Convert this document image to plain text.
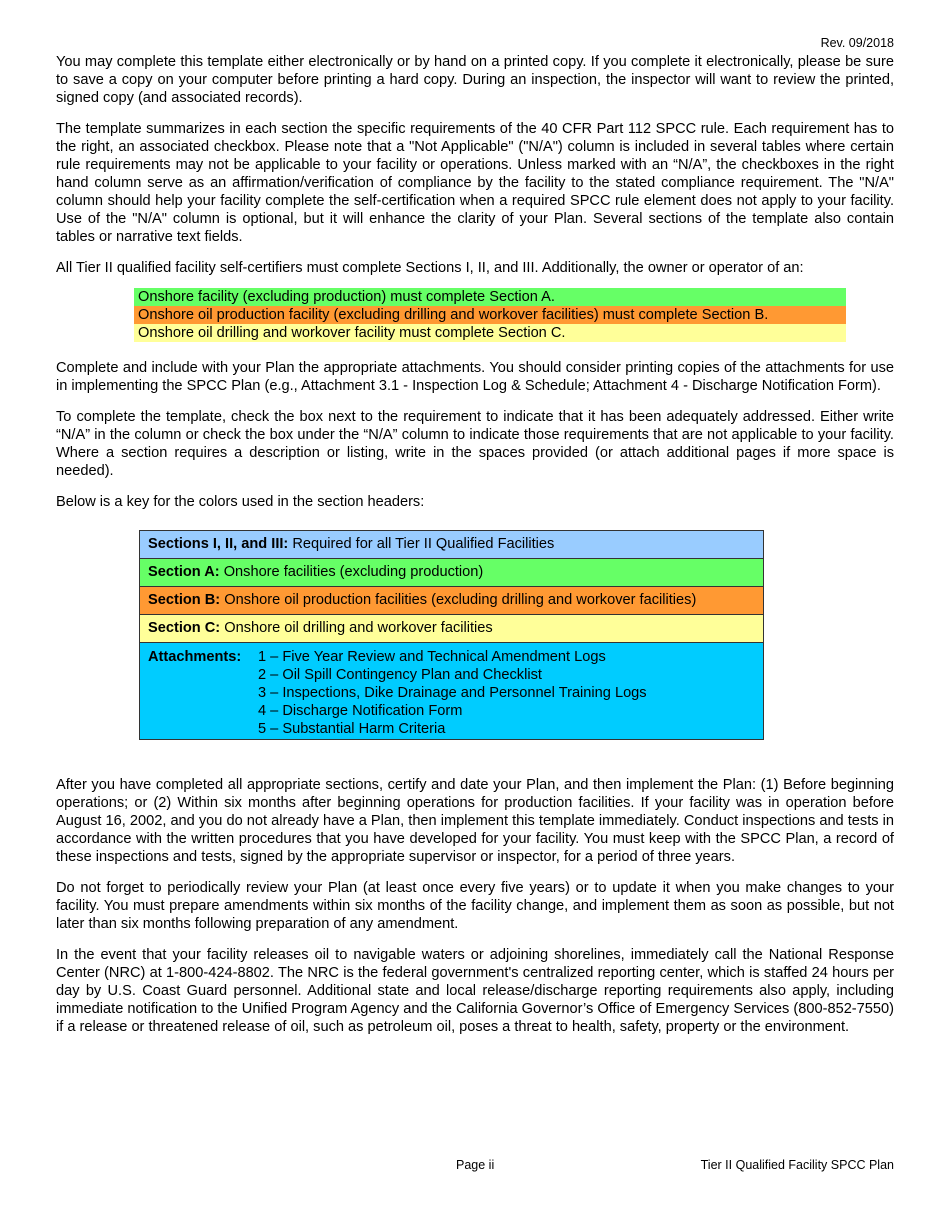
Rev. 09/2018

You may complete this template either electronically or by hand on a printed copy. If you complete it electronically, please be sure to save a copy on your computer before printing a hard copy. During an inspection, the inspector will want to review the printed, signed copy (and associated records).

The template summarizes in each section the specific requirements of the 40 CFR Part 112 SPCC rule. Each requirement has to the right, an associated checkbox. Please note that a "Not Applicable" ("N/A") column is included in several tables where certain rule requirements may not be applicable to your facility or operations. Unless marked with an “N/A”, the checkboxes in the right hand column serve as an affirmation/verification of compliance by the facility to the stated compliance requirement. The "N/A" column should help your facility complete the self-certification when a required SPCC rule element does not apply to your facility. Use of the "N/A" column is optional, but it will enhance the clarity of your Plan. Several sections of the template also contain tables or narrative text fields.

All Tier II qualified facility self-certifiers must complete Sections I, II, and III. Additionally, the owner or operator of an:

Onshore facility (excluding production) must complete Section A.
Onshore oil production facility (excluding drilling and workover facilities) must complete Section B.
Onshore oil drilling and workover facility must complete Section C.

Complete and include with your Plan the appropriate attachments. You should consider printing copies of the attachments for use in implementing the SPCC Plan (e.g., Attachment 3.1 - Inspection Log & Schedule; Attachment 4 - Discharge Notification Form).

To complete the template, check the box next to the requirement to indicate that it has been adequately addressed. Either write “N/A” in the column or check the box under the “N/A” column to indicate those requirements that are not applicable to your facility. Where a section requires a description or listing, write in the spaces provided (or attach additional pages if more space is needed).

Below is a key for the colors used in the section headers:

Sections I, II, and III: Required for all Tier II Qualified Facilities
Section A: Onshore facilities (excluding production)
Section B: Onshore oil production facilities (excluding drilling and workover facilities)
Section C: Onshore oil drilling and workover facilities
Attachments:	1 – Five Year Review and Technical Amendment Logs
2 – Oil Spill Contingency Plan and Checklist
3 – Inspections, Dike Drainage and Personnel Training Logs
4 – Discharge Notification Form
5 – Substantial Harm Criteria

After you have completed all appropriate sections, certify and date your Plan, and then implement the Plan: (1) Before beginning operations; or (2) Within six months after beginning operations for production facilities. If your facility was in operation before August 16, 2002, and you do not already have a Plan, then implement this template immediately. Conduct inspections and tests in accordance with the written procedures that you have developed for your facility. You must keep with the SPCC Plan, a record of these inspections and tests, signed by the appropriate supervisor or inspector, for a period of three years.

Do not forget to periodically review your Plan (at least once every five years) or to update it when you make changes to your facility. You must prepare amendments within six months of the facility change, and implement them as soon as possible, but not later than six months following preparation of any amendment.

In the event that your facility releases oil to navigable waters or adjoining shorelines, immediately call the National Response Center (NRC) at 1-800-424-8802. The NRC is the federal government's centralized reporting center, which is staffed 24 hours per day by U.S. Coast Guard personnel. Additional state and local release/discharge reporting requirements also apply, including immediate notification to the Unified Program Agency and the California Governor’s Office of Emergency Services (800-852-7550) if a release or threatened release of oil, such as petroleum oil, poses a threat to health, safety, property or the environment.

Page ii	Tier II Qualified Facility SPCC Plan
